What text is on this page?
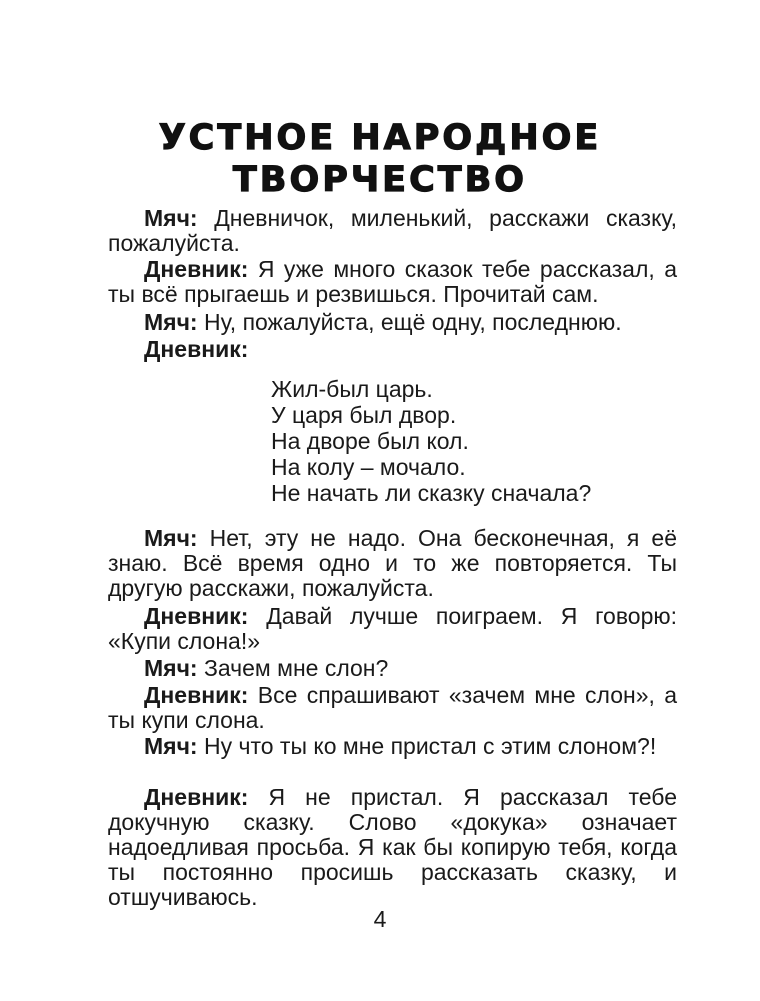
УСТНОЕ НАРОДНОЕ
ТВОРЧЕСТВО

Мяч: Дневничок, миленький, расскажи сказку, пожалуйста.

Дневник: Я уже много сказок тебе рассказал, а ты всё прыгаешь и резвишься. Прочитай сам.

Мяч: Ну, пожалуйста, ещё одну, последнюю.

Дневник:

Жил-был царь.
У царя был двор.
На дворе был кол.
На колу – мочало.
Не начать ли сказку сначала?

Мяч: Нет, эту не надо. Она бесконечная, я её знаю. Всё время одно и то же повторяется. Ты другую расскажи, пожалуйста.

Дневник: Давай лучше поиграем. Я говорю: «Купи слона!»

Мяч: Зачем мне слон?

Дневник: Все спрашивают «зачем мне слон», а ты купи слона.

Мяч: Ну что ты ко мне пристал с этим слоном?!

Дневник: Я не пристал. Я рассказал тебе докучную сказку. Слово «докука» означает надоедливая просьба. Я как бы копирую тебя, когда ты постоянно просишь рассказать сказку, и отшучиваюсь.

4
